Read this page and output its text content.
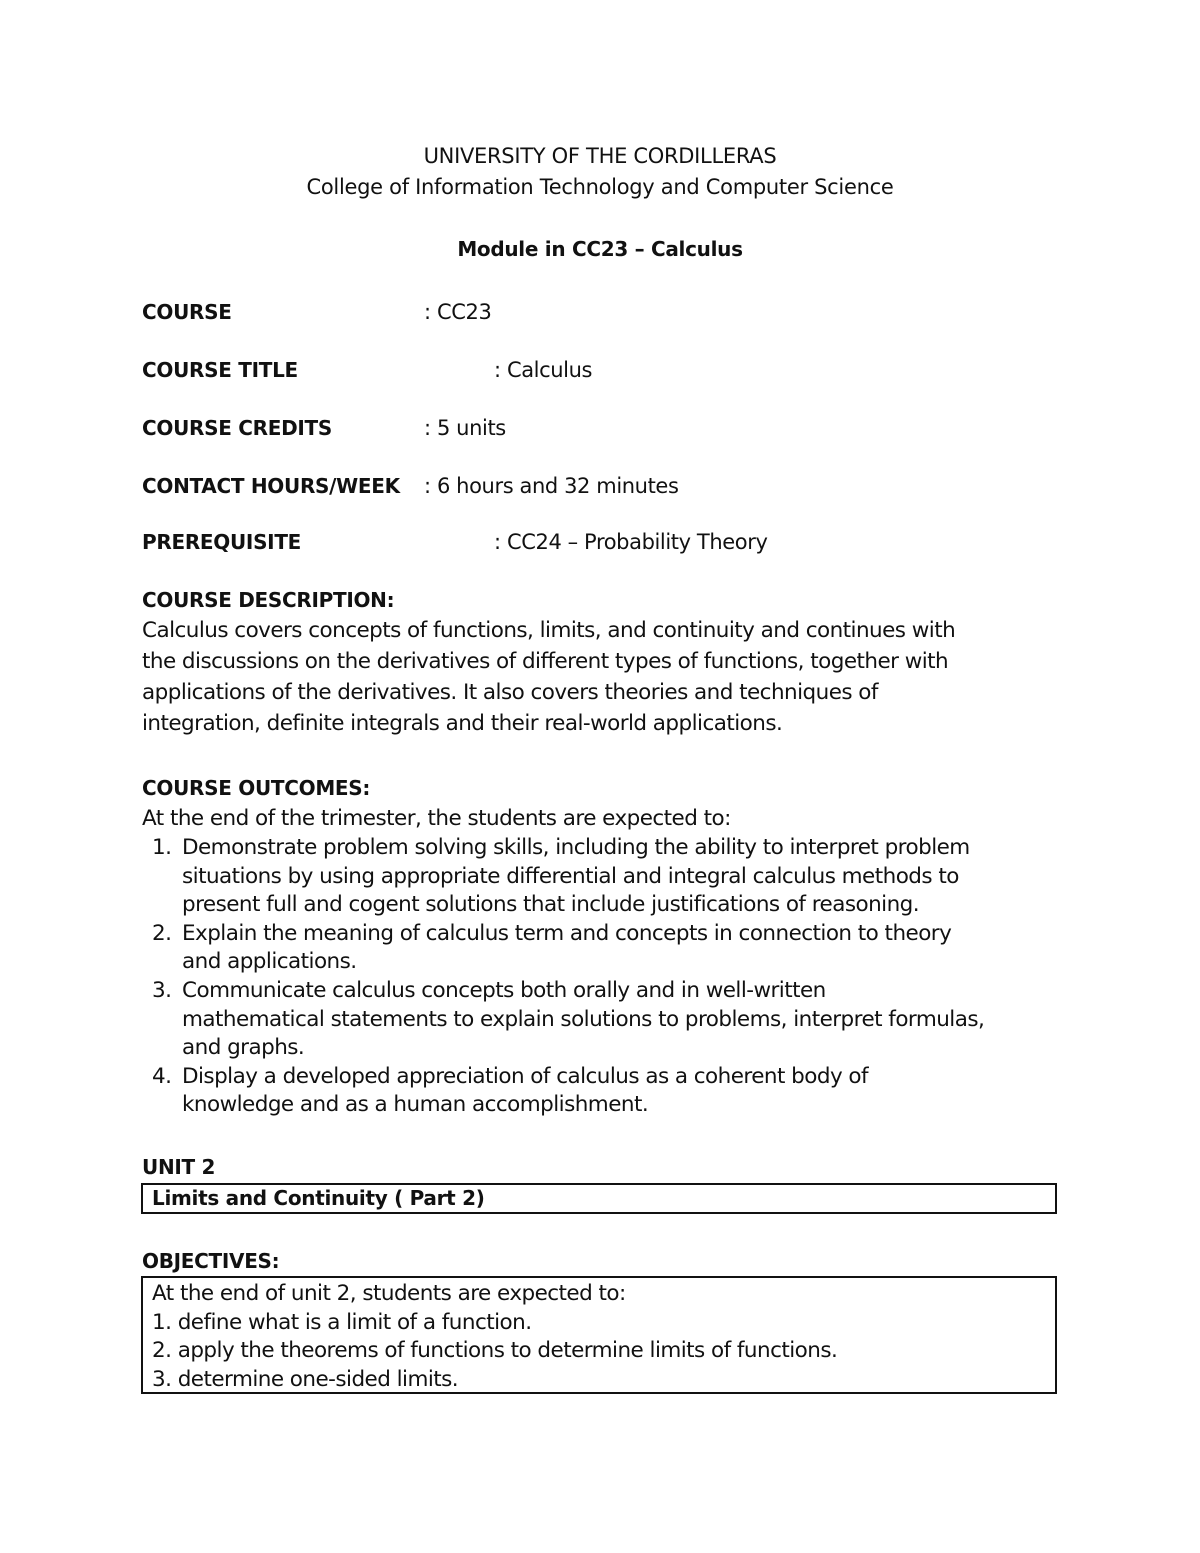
UNIVERSITY OF THE CORDILLERAS
College of Information Technology and Computer Science
Module in CC23 – Calculus
COURSE	: CC23
COURSE TITLE	: Calculus
COURSE CREDITS	: 5 units
CONTACT HOURS/WEEK : 6 hours and 32 minutes
PREREQUISITE	: CC24 – Probability Theory
COURSE DESCRIPTION:
Calculus covers concepts of functions, limits, and continuity and continues with
the discussions on the derivatives of different types of functions, together with
applications of the derivatives. It also covers theories and techniques of
integration, definite integrals and their real-world applications.
COURSE OUTCOMES:
At the end of the trimester, the students are expected to:
1. Demonstrate problem solving skills, including the ability to interpret problem
situations by using appropriate differential and integral calculus methods to
present full and cogent solutions that include justifications of reasoning.
2. Explain the meaning of calculus term and concepts in connection to theory
and applications.
3. Communicate calculus concepts both orally and in well-written
mathematical statements to explain solutions to problems, interpret formulas,
and graphs.
4. Display a developed appreciation of calculus as a coherent body of
knowledge and as a human accomplishment.
UNIT 2
Limits and Continuity ( Part 2)
OBJECTIVES:
At the end of unit 2, students are expected to:
1. define what is a limit of a function.
2. apply the theorems of functions to determine limits of functions.
3. determine one-sided limits.
